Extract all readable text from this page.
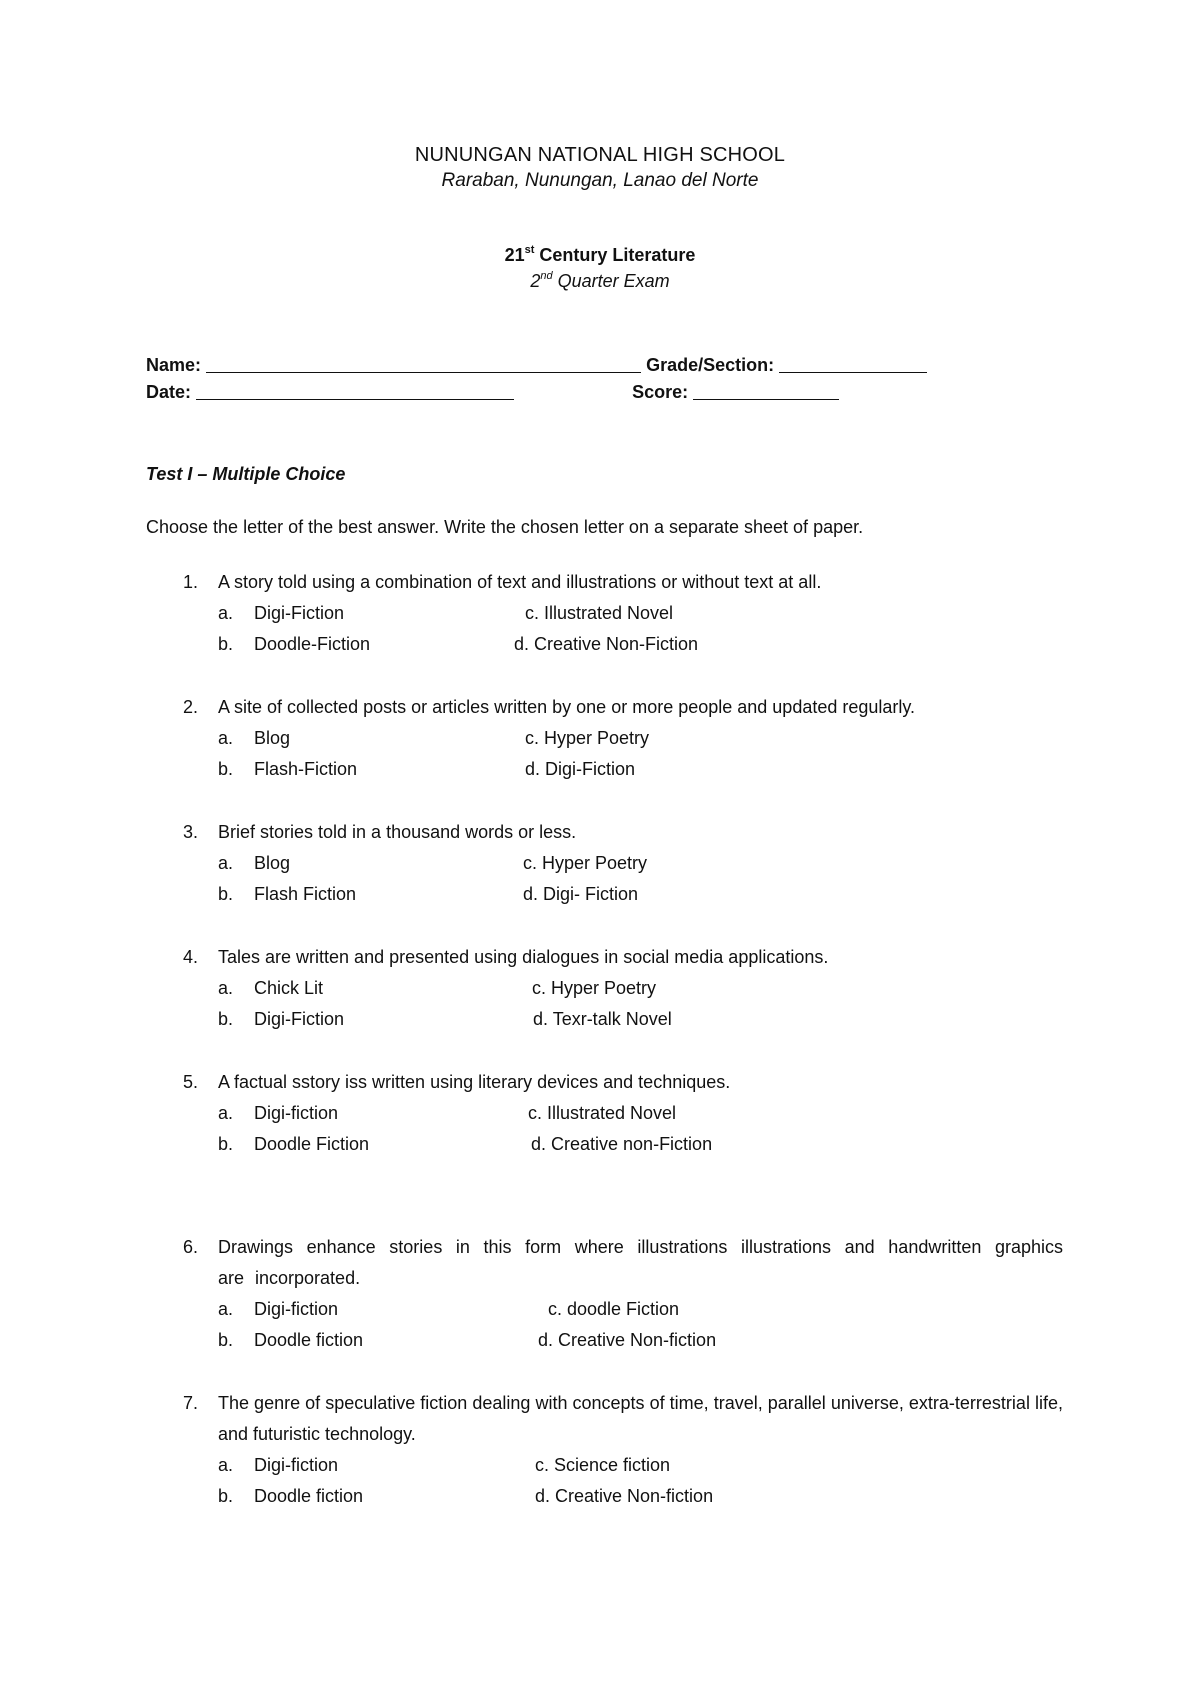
NUNUNGAN NATIONAL HIGH SCHOOL
Raraban, Nunungan, Lanao del Norte
21st Century Literature
2nd Quarter Exam
Name:	Grade/Section:
Date:	Score:
Test I – Multiple Choice
Choose the letter of the best answer. Write the chosen letter on a separate sheet of paper.
1. A story told using a combination of text and illustrations or without text at all.
a. Digi-Fiction	c. Illustrated Novel
b. Doodle-Fiction	d. Creative Non-Fiction
2. A site of collected posts or articles written by one or more people and updated regularly.
a. Blog	c. Hyper Poetry
b. Flash-Fiction	d. Digi-Fiction
3. Brief stories told in a thousand words or less.
a. Blog	c. Hyper Poetry
b. Flash Fiction	d. Digi- Fiction
4. Tales are written and presented using dialogues in social media applications.
a. Chick Lit	c. Hyper Poetry
b. Digi-Fiction	d. Texr-talk Novel
5. A factual sstory iss written using literary devices and techniques.
a. Digi-fiction	c. Illustrated Novel
b. Doodle Fiction	d. Creative non-Fiction
6. Drawings enhance stories in this form where illustrations illustrations and handwritten graphics are incorporated.
a. Digi-fiction	c. doodle Fiction
b. Doodle fiction	d. Creative Non-fiction
7. The genre of speculative fiction dealing with concepts of time, travel, parallel universe, extra-terrestrial life, and futuristic technology.
a. Digi-fiction	c. Science fiction
b. Doodle fiction	d. Creative Non-fiction
